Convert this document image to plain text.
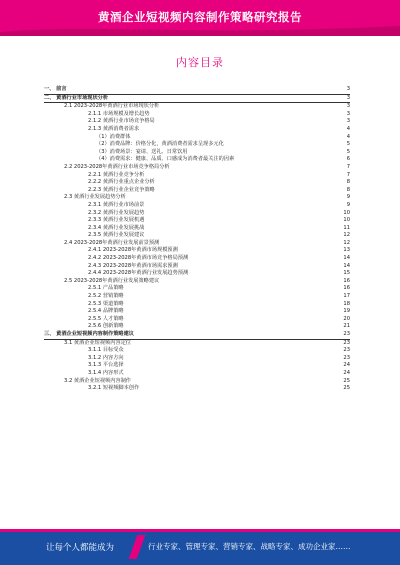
黄酒企业短视频内容制作策略研究报告
内容目录
一、 前言	3
二、 黄酒行业市场现状分析	3
2.1 2023-2028年黄酒行业市场现状分析	3
2.1.1 市场规模及增长趋势	3
2.1.2 黄酒行业市场竞争格局	3
2.1.3 黄酒消费者需求	4
（1）消费群体	4
（2）消费品牌：价格分化，黄酒消费者需求呈现多元化	5
（3）消费场景：宴请、送礼、日常饮用	5
（4）消费需求：健康、品质、口感成为消费者最关注的因素	6
2.2 2023-2028年黄酒行业市场竞争格局分析	7
2.2.1 黄酒行业竞争分析	7
2.2.2 黄酒行业重点企业分析	8
2.2.3 黄酒行业企业竞争策略	8
2.3 黄酒行业发展趋势分析	9
2.3.1 黄酒行业市场前景	9
2.3.2 黄酒行业发展趋势	10
2.3.3 黄酒行业发展机遇	10
2.3.4 黄酒行业发展挑战	11
2.3.5 黄酒行业发展建议	12
2.4 2023-2028年黄酒行业发展前景预测	12
2.4.1 2023-2028年黄酒市场规模预测	13
2.4.2 2023-2028年黄酒市场竞争格局预测	14
2.4.3 2023-2028年黄酒市场需求预测	14
2.4.4 2023-2028年黄酒行业发展趋势预测	15
2.5 2023-2028年黄酒行业发展策略建议	16
2.5.1 产品策略	16
2.5.2 营销策略	17
2.5.3 渠道策略	18
2.5.4 品牌策略	19
2.5.5 人才策略	20
2.5.6 创新策略	21
三、 黄酒企业短视频内容制作策略建议	23
3.1 黄酒企业短视频内容定位	23
3.1.1 目标受众	23
3.1.2 内容方向	23
3.1.3 平台选择	24
3.1.4 内容形式	24
3.2 黄酒企业短视频内容制作	25
3.2.1 短视频脚本创作	25
让每个人都能成为	行业专家、管理专家、营销专家、战略专家、成功企业家……
